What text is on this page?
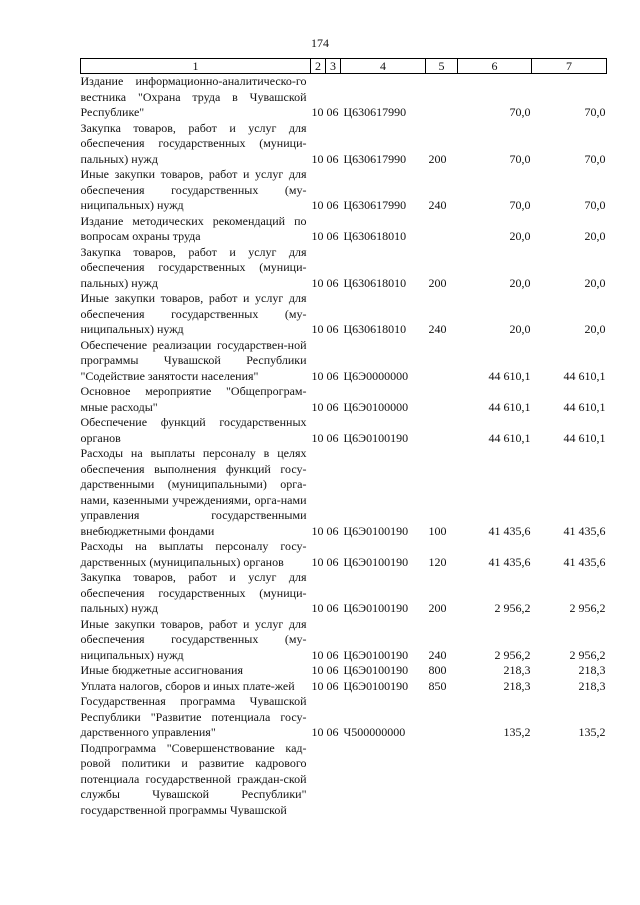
174
1	2	3	4	5	6	7
Издание информационно-аналитическо-го вестника "Охрана труда в Чувашской Республике"	10	06	Ц630617990		70,0	70,0
Закупка товаров, работ и услуг для обеспечения государственных (муници-пальных) нужд	10	06	Ц630617990	200	70,0	70,0
Иные закупки товаров, работ и услуг для обеспечения государственных (му-ниципальных) нужд	10	06	Ц630617990	240	70,0	70,0
Издание методических рекомендаций по вопросам охраны труда	10	06	Ц630618010		20,0	20,0
Закупка товаров, работ и услуг для обеспечения государственных (муници-пальных) нужд	10	06	Ц630618010	200	20,0	20,0
Иные закупки товаров, работ и услуг для обеспечения государственных (му-ниципальных) нужд	10	06	Ц630618010	240	20,0	20,0
Обеспечение реализации государствен-ной программы Чувашской Республики "Содействие занятости населения"	10	06	Ц6Э0000000		44 610,1	44 610,1
Основное мероприятие "Общепрограм-мные расходы"	10	06	Ц6Э0100000		44 610,1	44 610,1
Обеспечение функций государственных органов	10	06	Ц6Э0100190		44 610,1	44 610,1
Расходы на выплаты персоналу в целях обеспечения выполнения функций госу-дарственными (муниципальными) орга-нами, казенными учреждениями, орга-нами управления государственными внебюджетными фондами	10	06	Ц6Э0100190	100	41 435,6	41 435,6
Расходы на выплаты персоналу госу-дарственных (муниципальных) органов	10	06	Ц6Э0100190	120	41 435,6	41 435,6
Закупка товаров, работ и услуг для обеспечения государственных (муници-пальных) нужд	10	06	Ц6Э0100190	200	2 956,2	2 956,2
Иные закупки товаров, работ и услуг для обеспечения государственных (му-ниципальных) нужд	10	06	Ц6Э0100190	240	2 956,2	2 956,2
Иные бюджетные ассигнования	10	06	Ц6Э0100190	800	218,3	218,3
Уплата налогов, сборов и иных плате-жей	10	06	Ц6Э0100190	850	218,3	218,3
Государственная программа Чувашской Республики "Развитие потенциала госу-дарственного управления"	10	06	Ч500000000		135,2	135,2
Подпрограмма "Совершенствование кад-ровой политики и развитие кадрового потенциала государственной граждан-ской службы Чувашской Республики" государственной программы Чувашской						
